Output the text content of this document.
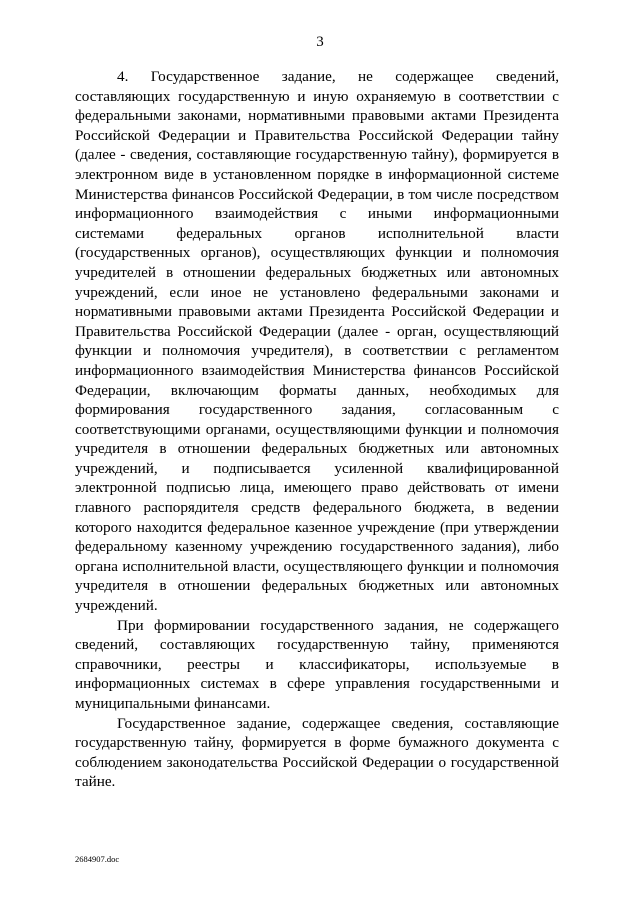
3

4. Государственное задание, не содержащее сведений, составляющих государственную и иную охраняемую в соответствии с федеральными законами, нормативными правовыми актами Президента Российской Федерации и Правительства Российской Федерации тайну (далее - сведения, составляющие государственную тайну), формируется в электронном виде в установленном порядке в информационной системе Министерства финансов Российской Федерации, в том числе посредством информационного взаимодействия с иными информационными системами федеральных органов исполнительной власти (государственных органов), осуществляющих функции и полномочия учредителей в отношении федеральных бюджетных или автономных учреждений, если иное не установлено федеральными законами и нормативными правовыми актами Президента Российской Федерации и Правительства Российской Федерации (далее - орган, осуществляющий функции и полномочия учредителя), в соответствии с регламентом информационного взаимодействия Министерства финансов Российской Федерации, включающим форматы данных, необходимых для формирования государственного задания, согласованным с соответствующими органами, осуществляющими функции и полномочия учредителя в отношении федеральных бюджетных или автономных учреждений, и подписывается усиленной квалифицированной электронной подписью лица, имеющего право действовать от имени главного распорядителя средств федерального бюджета, в ведении которого находится федеральное казенное учреждение (при утверждении федеральному казенному учреждению государственного задания), либо органа исполнительной власти, осуществляющего функции и полномочия учредителя в отношении федеральных бюджетных или автономных учреждений.

При формировании государственного задания, не содержащего сведений, составляющих государственную тайну, применяются справочники, реестры и классификаторы, используемые в информационных системах в сфере управления государственными и муниципальными финансами.

Государственное задание, содержащее сведения, составляющие государственную тайну, формируется в форме бумажного документа с соблюдением законодательства Российской Федерации о государственной тайне.

2684907.doc
